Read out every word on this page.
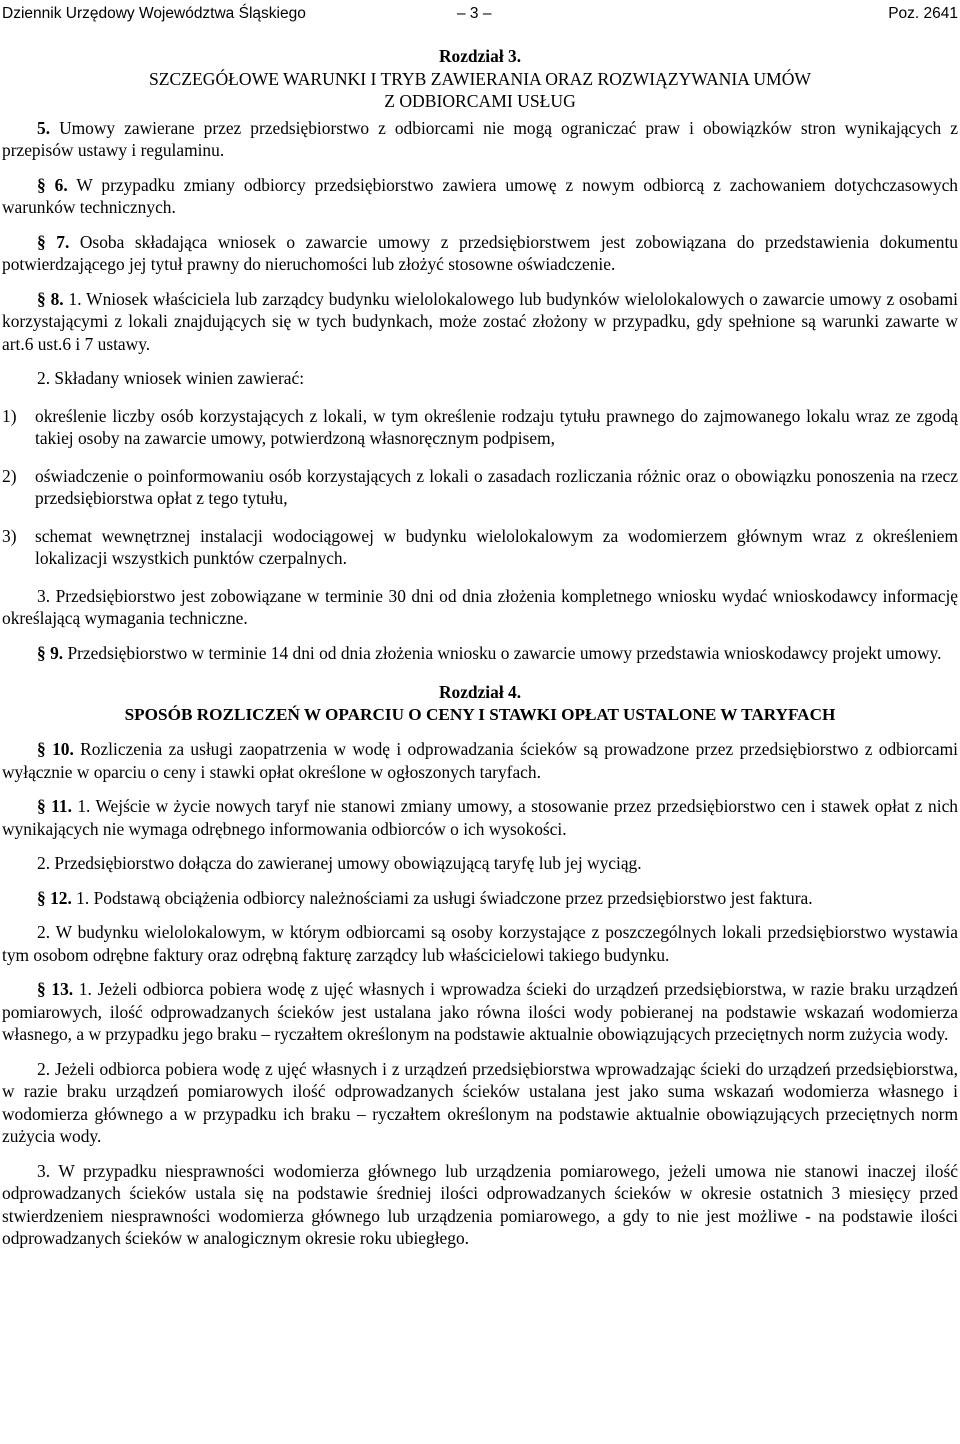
Dziennik Urzędowy Województwa Śląskiego	– 3 –	Poz. 2641
Rozdział 3.
SZCZEGÓŁOWE WARUNKI I TRYB ZAWIERANIA ORAZ ROZWIĄZYWANIA UMÓW
Z ODBIORCAMI USŁUG

5. Umowy zawierane przez przedsiębiorstwo z odbiorcami nie mogą ograniczać praw i obowiązków stron wynikających z przepisów ustawy i regulaminu.

§ 6. W przypadku zmiany odbiorcy przedsiębiorstwo zawiera umowę z nowym odbiorcą z zachowaniem dotychczasowych warunków technicznych.

§ 7. Osoba składająca wniosek o zawarcie umowy z przedsiębiorstwem jest zobowiązana do przedstawienia dokumentu potwierdzającego jej tytuł prawny do nieruchomości lub złożyć stosowne oświadczenie.

§ 8. 1. Wniosek właściciela lub zarządcy budynku wielolokalowego lub budynków wielolokalowych o zawarcie umowy z osobami korzystającymi z lokali znajdujących się w tych budynkach, może zostać złożony w przypadku, gdy spełnione są warunki zawarte w art.6 ust.6 i 7 ustawy.

2. Składany wniosek winien zawierać:

1) określenie liczby osób korzystających z lokali, w tym określenie rodzaju tytułu prawnego do zajmowanego lokalu wraz ze zgodą takiej osoby na zawarcie umowy, potwierdzoną własnoręcznym podpisem,
2) oświadczenie o poinformowaniu osób korzystających z lokali o zasadach rozliczania różnic oraz o obowiązku ponoszenia na rzecz przedsiębiorstwa opłat z tego tytułu,
3) schemat wewnętrznej instalacji wodociągowej w budynku wielolokalowym za wodomierzem głównym wraz z określeniem lokalizacji wszystkich punktów czerpalnych.

3. Przedsiębiorstwo jest zobowiązane w terminie 30 dni od dnia złożenia kompletnego wniosku wydać wnioskodawcy informację określającą wymagania techniczne.

§ 9. Przedsiębiorstwo w terminie 14 dni od dnia złożenia wniosku o zawarcie umowy przedstawia wnioskodawcy projekt umowy.

Rozdział 4.
SPOSÓB ROZLICZEŃ W OPARCIU O CENY I STAWKI OPŁAT USTALONE W TARYFACH

§ 10. Rozliczenia za usługi zaopatrzenia w wodę i odprowadzania ścieków są prowadzone przez przedsiębiorstwo z odbiorcami wyłącznie w oparciu o ceny i stawki opłat określone w ogłoszonych taryfach.

§ 11. 1. Wejście w życie nowych taryf nie stanowi zmiany umowy, a stosowanie przez przedsiębiorstwo cen i stawek opłat z nich wynikających nie wymaga odrębnego informowania odbiorców o ich wysokości.

2. Przedsiębiorstwo dołącza do zawieranej umowy obowiązującą taryfę lub jej wyciąg.

§ 12. 1. Podstawą obciążenia odbiorcy należnościami za usługi świadczone przez przedsiębiorstwo jest faktura.

2. W budynku wielolokalowym, w którym odbiorcami są osoby korzystające z poszczególnych lokali przedsiębiorstwo wystawia tym osobom odrębne faktury oraz odrębną fakturę zarządcy lub właścicielowi takiego budynku.

§ 13. 1. Jeżeli odbiorca pobiera wodę z ujęć własnych i wprowadza ścieki do urządzeń przedsiębiorstwa, w razie braku urządzeń pomiarowych, ilość odprowadzanych ścieków jest ustalana jako równa ilości wody pobieranej na podstawie wskazań wodomierza własnego, a w przypadku jego braku – ryczałtem określonym na podstawie aktualnie obowiązujących przeciętnych norm zużycia wody.

2. Jeżeli odbiorca pobiera wodę z ujęć własnych i z urządzeń przedsiębiorstwa wprowadzając ścieki do urządzeń przedsiębiorstwa, w razie braku urządzeń pomiarowych ilość odprowadzanych ścieków ustalana jest jako suma wskazań wodomierza własnego i wodomierza głównego a w przypadku ich braku – ryczałtem określonym na podstawie aktualnie obowiązujących przeciętnych norm zużycia wody.

3. W przypadku niesprawności wodomierza głównego lub urządzenia pomiarowego, jeżeli umowa nie stanowi inaczej ilość odprowadzanych ścieków ustala się na podstawie średniej ilości odprowadzanych ścieków w okresie ostatnich 3 miesięcy przed stwierdzeniem niesprawności wodomierza głównego lub urządzenia pomiarowego, a gdy to nie jest możliwe - na podstawie ilości odprowadzanych ścieków w analogicznym okresie roku ubiegłego.
